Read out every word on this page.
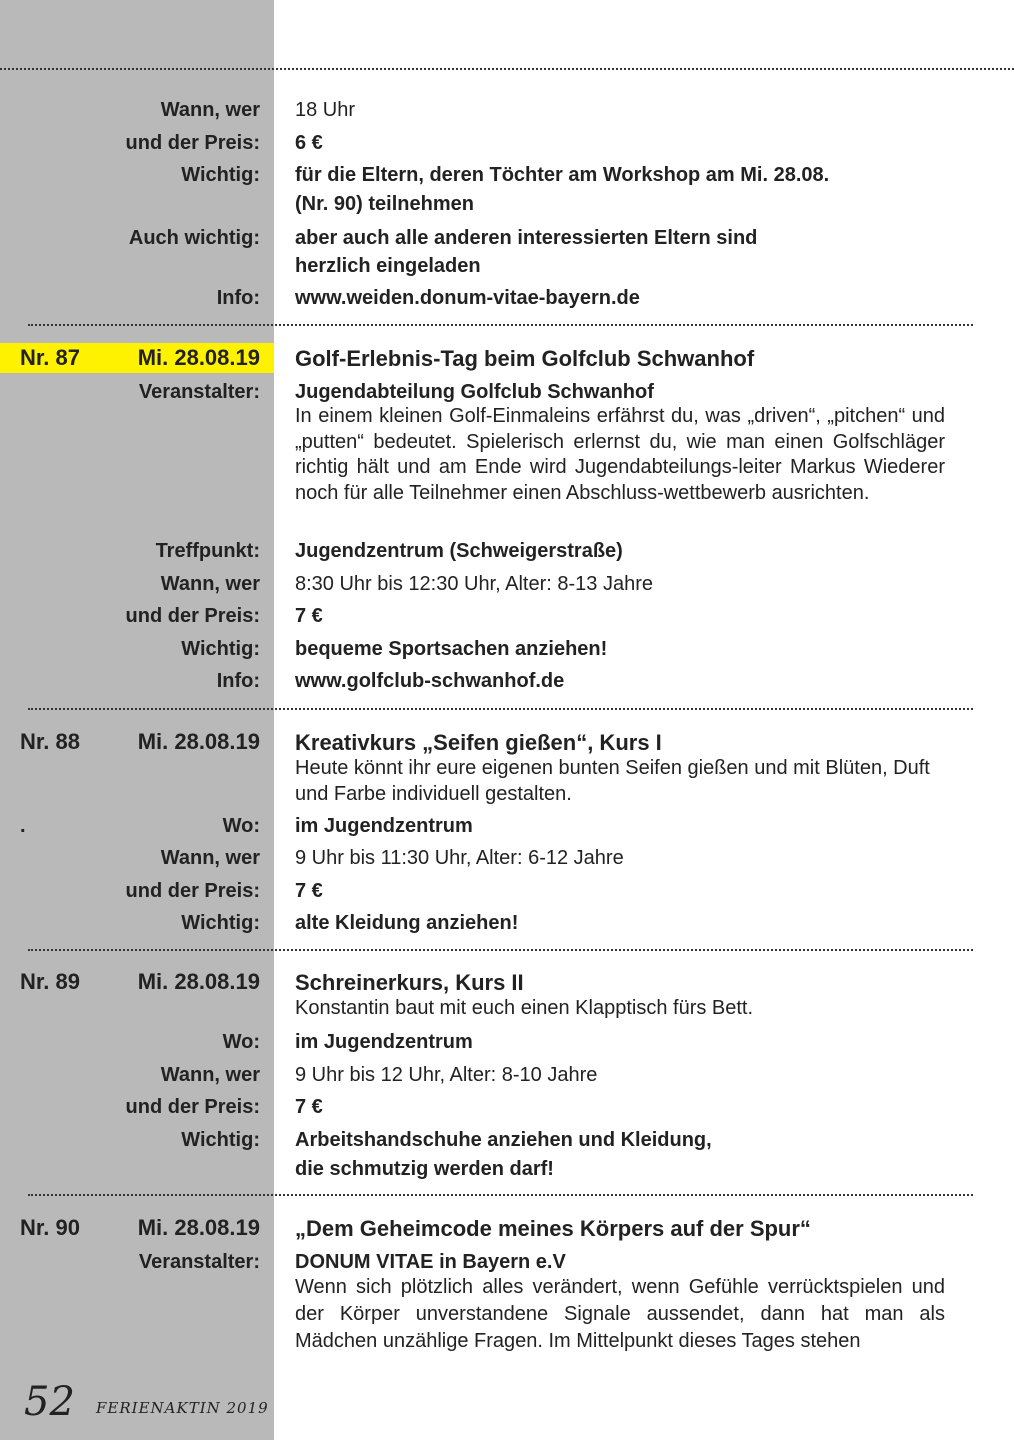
Wann, wer 18 Uhr
und der Preis: 6 €
Wichtig: für die Eltern, deren Töchter am Workshop am Mi. 28.08.
(Nr. 90) teilnehmen
Auch wichtig: aber auch alle anderen interessierten Eltern sind
herzlich eingeladen
Info: www.weiden.donum-vitae-bayern.de
Nr. 87	Mi. 28.08.19 Golf-Erlebnis-Tag beim Golfclub Schwanhof
Veranstalter: Jugendabteilung Golfclub Schwanhof
In einem kleinen Golf-Einmaleins erfährst du, was „driven“, „pitchen“ und „putten“ bedeutet. Spielerisch erlernst du, wie man einen Golfschläger richtig hält und am Ende wird Jugendabteilungs-leiter Markus Wiederer noch für alle Teilnehmer einen Abschluss-wettbewerb ausrichten.
Treffpunkt: Jugendzentrum (Schweigerstraße)
Wann, wer 8:30 Uhr bis 12:30 Uhr, Alter: 8-13 Jahre
und der Preis: 7 €
Wichtig: bequeme Sportsachen anziehen!
Info: www.golfclub-schwanhof.de
Nr. 88	Mi. 28.08.19 Kreativkurs „Seifen gießen“, Kurs I
Heute könnt ihr eure eigenen bunten Seifen gießen und mit Blüten, Duft und Farbe individuell gestalten.
.	Wo: im Jugendzentrum
Wann, wer 9 Uhr bis 11:30 Uhr, Alter: 6-12 Jahre
und der Preis: 7 €
Wichtig: alte Kleidung anziehen!
Nr. 89	Mi. 28.08.19 Schreinerkurs, Kurs II
Konstantin baut mit euch einen Klapptisch fürs Bett.
Wo: im Jugendzentrum
Wann, wer 9 Uhr bis 12 Uhr, Alter: 8-10 Jahre
und der Preis: 7 €
Wichtig: Arbeitshandschuhe anziehen und Kleidung,
die schmutzig werden darf!
Nr. 90	Mi. 28.08.19 „Dem Geheimcode meines Körpers auf der Spur“
Veranstalter: DONUM VITAE in Bayern e.V
Wenn sich plötzlich alles verändert, wenn Gefühle verrücktspielen und der Körper unverstandene Signale aussendet, dann hat man als Mädchen unzählige Fragen. Im Mittelpunkt dieses Tages stehen
52 FERIENAKTIN 2019
